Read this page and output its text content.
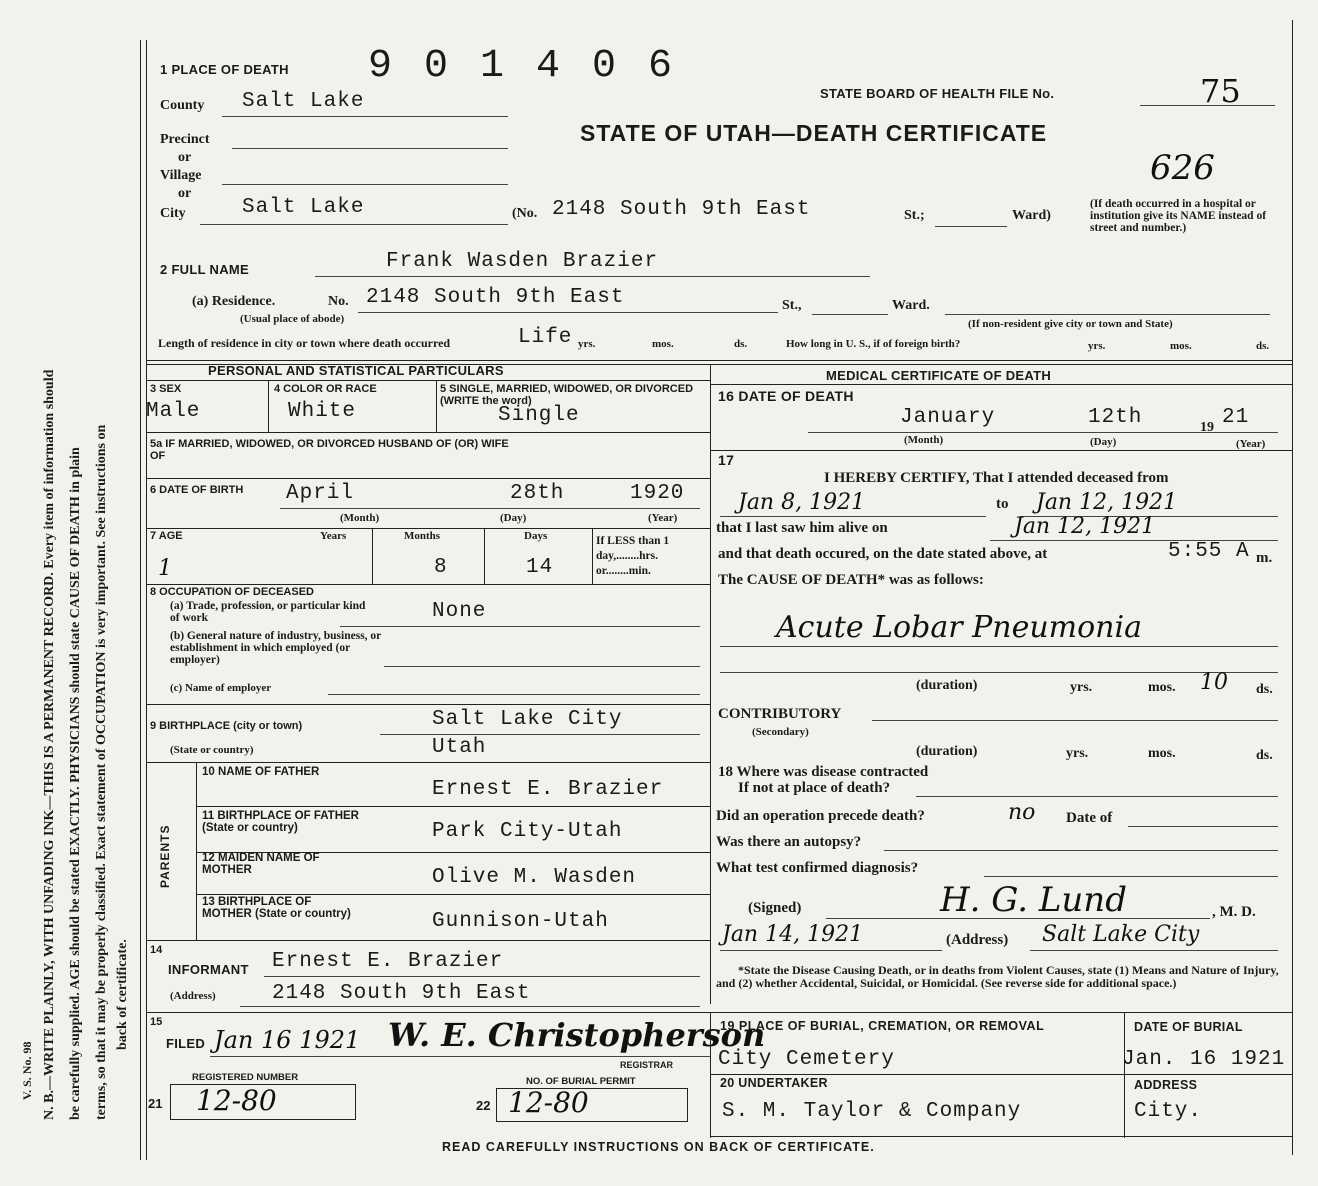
N. B.—WRITE PLAINLY, WITH UNFADING INK—THIS IS A PERMANENT RECORD. Every item of information should be carefully supplied. AGE should be stated EXACTLY. PHYSICIANS should state CAUSE OF DEATH in plain terms, so that it may be properly classified. Exact statement of OCCUPATION is very important. See instructions on back of certificate.
V. S. No. 98
1 PLACE OF DEATH 9 0 1 4 0 6
STATE BOARD OF HEALTH FILE No.	75
STATE OF UTAH—DEATH CERTIFICATE
626
County Salt Lake
Precinct
or
Village
or
City	Salt Lake	(No. 2148 South 9th East	St.;	Ward)
(If death occurred in a hospital or institution give its NAME instead of street and number.)
2 FULL NAME	Frank Wasden Brazier
(a) Residence.	No. 2148 South 9th East	St.,	Ward.
(Usual place of abode)	(If non-resident give city or town and State)
Length of residence in city or town where death occurred	Life yrs.	mos.	ds.	How long in U. S., if of foreign birth?	yrs.	mos.	ds.
PERSONAL AND STATISTICAL PARTICULARS
3 SEX
Male
4 COLOR OR RACE
White
5 SINGLE, MARRIED, WIDOWED, OR DIVORCED (WRITE the word)
Single
5a IF MARRIED, WIDOWED, OR DIVORCED HUSBAND OF (OR) WIFE OF
6 DATE OF BIRTH April	28th	1920
(Month)	(Day)	(Year)
7 AGE	Years	Months	Days	If LESS than 1 day,........hrs. or........min.
1	8	14
8 OCCUPATION OF DECEASED
(a) Trade, profession, or particular kind of work	None
(b) General nature of industry, business, or establishment in which employed (or employer)
(c) Name of employer
9 BIRTHPLACE (city or town)	Salt Lake City
(State or country)	Utah
PARENTS
10 NAME OF FATHER
Ernest E. Brazier
11 BIRTHPLACE OF FATHER (State or country)	Park City-Utah
12 MAIDEN NAME OF MOTHER	Olive M. Wasden
13 BIRTHPLACE OF MOTHER (State or country)	Gunnison-Utah
14
INFORMANT Ernest E. Brazier
(Address)	2148 South 9th East
15
FILED Jan 16 1921 W. E. Christopherson
REGISTRAR
REGISTERED NUMBER
21 12-80
NO. OF BURIAL PERMIT
22 12-80
MEDICAL CERTIFICATE OF DEATH
16 DATE OF DEATH
January	12th	19 21
(Month)	(Day)	(Year)
17
I HEREBY CERTIFY, That I attended deceased from
Jan 8, 1921	to Jan 12, 1921
that I last saw him alive on	Jan 12, 1921
and that death occured, on the date stated above, at	5:55 A m.
The CAUSE OF DEATH* was as follows:
Acute Lobar Pneumonia
(duration)	yrs.	mos. 10 ds.
CONTRIBUTORY
(Secondary)
(duration)	yrs.	mos.	ds.
18 Where was disease contracted
If not at place of death?
Did an operation precede death?	no Date of
Was there an autopsy?
What test confirmed diagnosis?
(Signed)	H. G. Lund	, M. D.
Jan 14, 1921	(Address) Salt Lake City
*State the Disease Causing Death, or in deaths from Violent Causes, state (1) Means and Nature of Injury, and (2) whether Accidental, Suicidal, or Homicidal. (See reverse side for additional space.)
19 PLACE OF BURIAL, CREMATION, OR REMOVAL
City Cemetery
DATE OF BURIAL
Jan. 16 1921
20 UNDERTAKER
S. M. Taylor & Company
ADDRESS
City.
READ CAREFULLY INSTRUCTIONS ON BACK OF CERTIFICATE.
